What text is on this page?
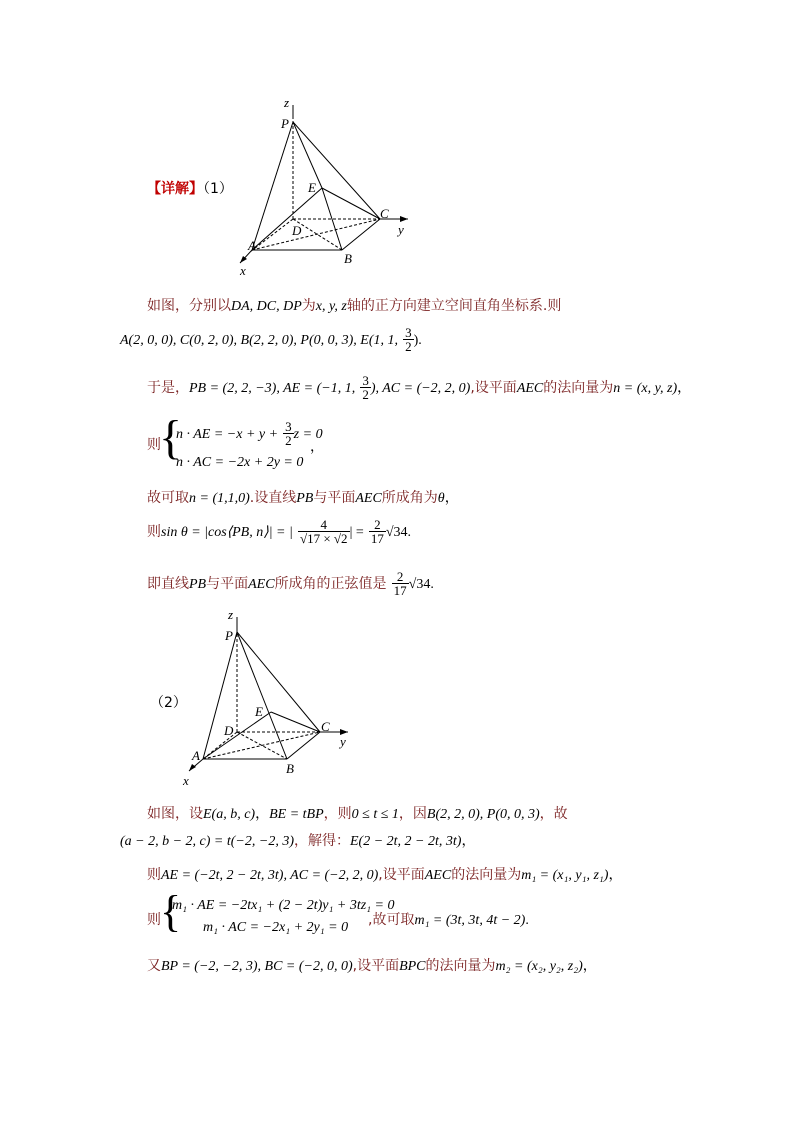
【详解】（1）
z
P
E
D
C
y
A
B
x
如图，分别以DA, DC, DP为x, y, z轴的正方向建立空间直角坐标系.则
A(2, 0, 0), C(0, 2, 0), B(2, 2, 0), P(0, 0, 3), E(1, 1, $\frac{3}{2}$ ).
于是，PB = (2, 2, −3), AE = (−1, 1, $\frac{3}{2}$ ), AC = (−2, 2, 0),设平面AEC的法向量为n = (x, y, z)，
则
{
n · AE = $-x + y + \frac{3}{2}$ z = 0
n · AC = −2x + 2y = 0
，
故可取n = (1,1,0).设直线PB与平面AEC所成角为θ，
则sin θ = |cos⟨PB, n⟩| = | $\frac{4}{√17 \times √2}$ | = $\frac{2}{17} √34$.
即直线PB与平面AEC所成角的正弦值是 $\frac{2}{17} √34$.
（2）
z
P
E
D	C
y
A
B
x
如图，设E(a, b, c)，BE = tBP，则0 ≤ t ≤ 1，因B(2, 2, 0), P(0, 0, 3)，故
(a − 2, b − 2, c) = t(−2, −2, 3)，解得：E(2 − 2t, 2 − 2t, 3t)，
则AE = (−2t, 2 − 2t, 3t), AC = (−2, 2, 0),设平面AEC的法向量为m₁ = (x₁, y₁, z₁)，
则 {
m₁ · AE = −2tx₁ + (2 − 2t)y₁ + 3tz₁ = 0
m₁ · AC = −2x₁ + 2y₁ = 0 ,故可取m₁ = (3t, 3t, 4t − 2).
又BP = (−2, −2, 3), BC = (−2, 0, 0),设平面BPC的法向量为m₂ = (x₂, y₂, z₂)，
